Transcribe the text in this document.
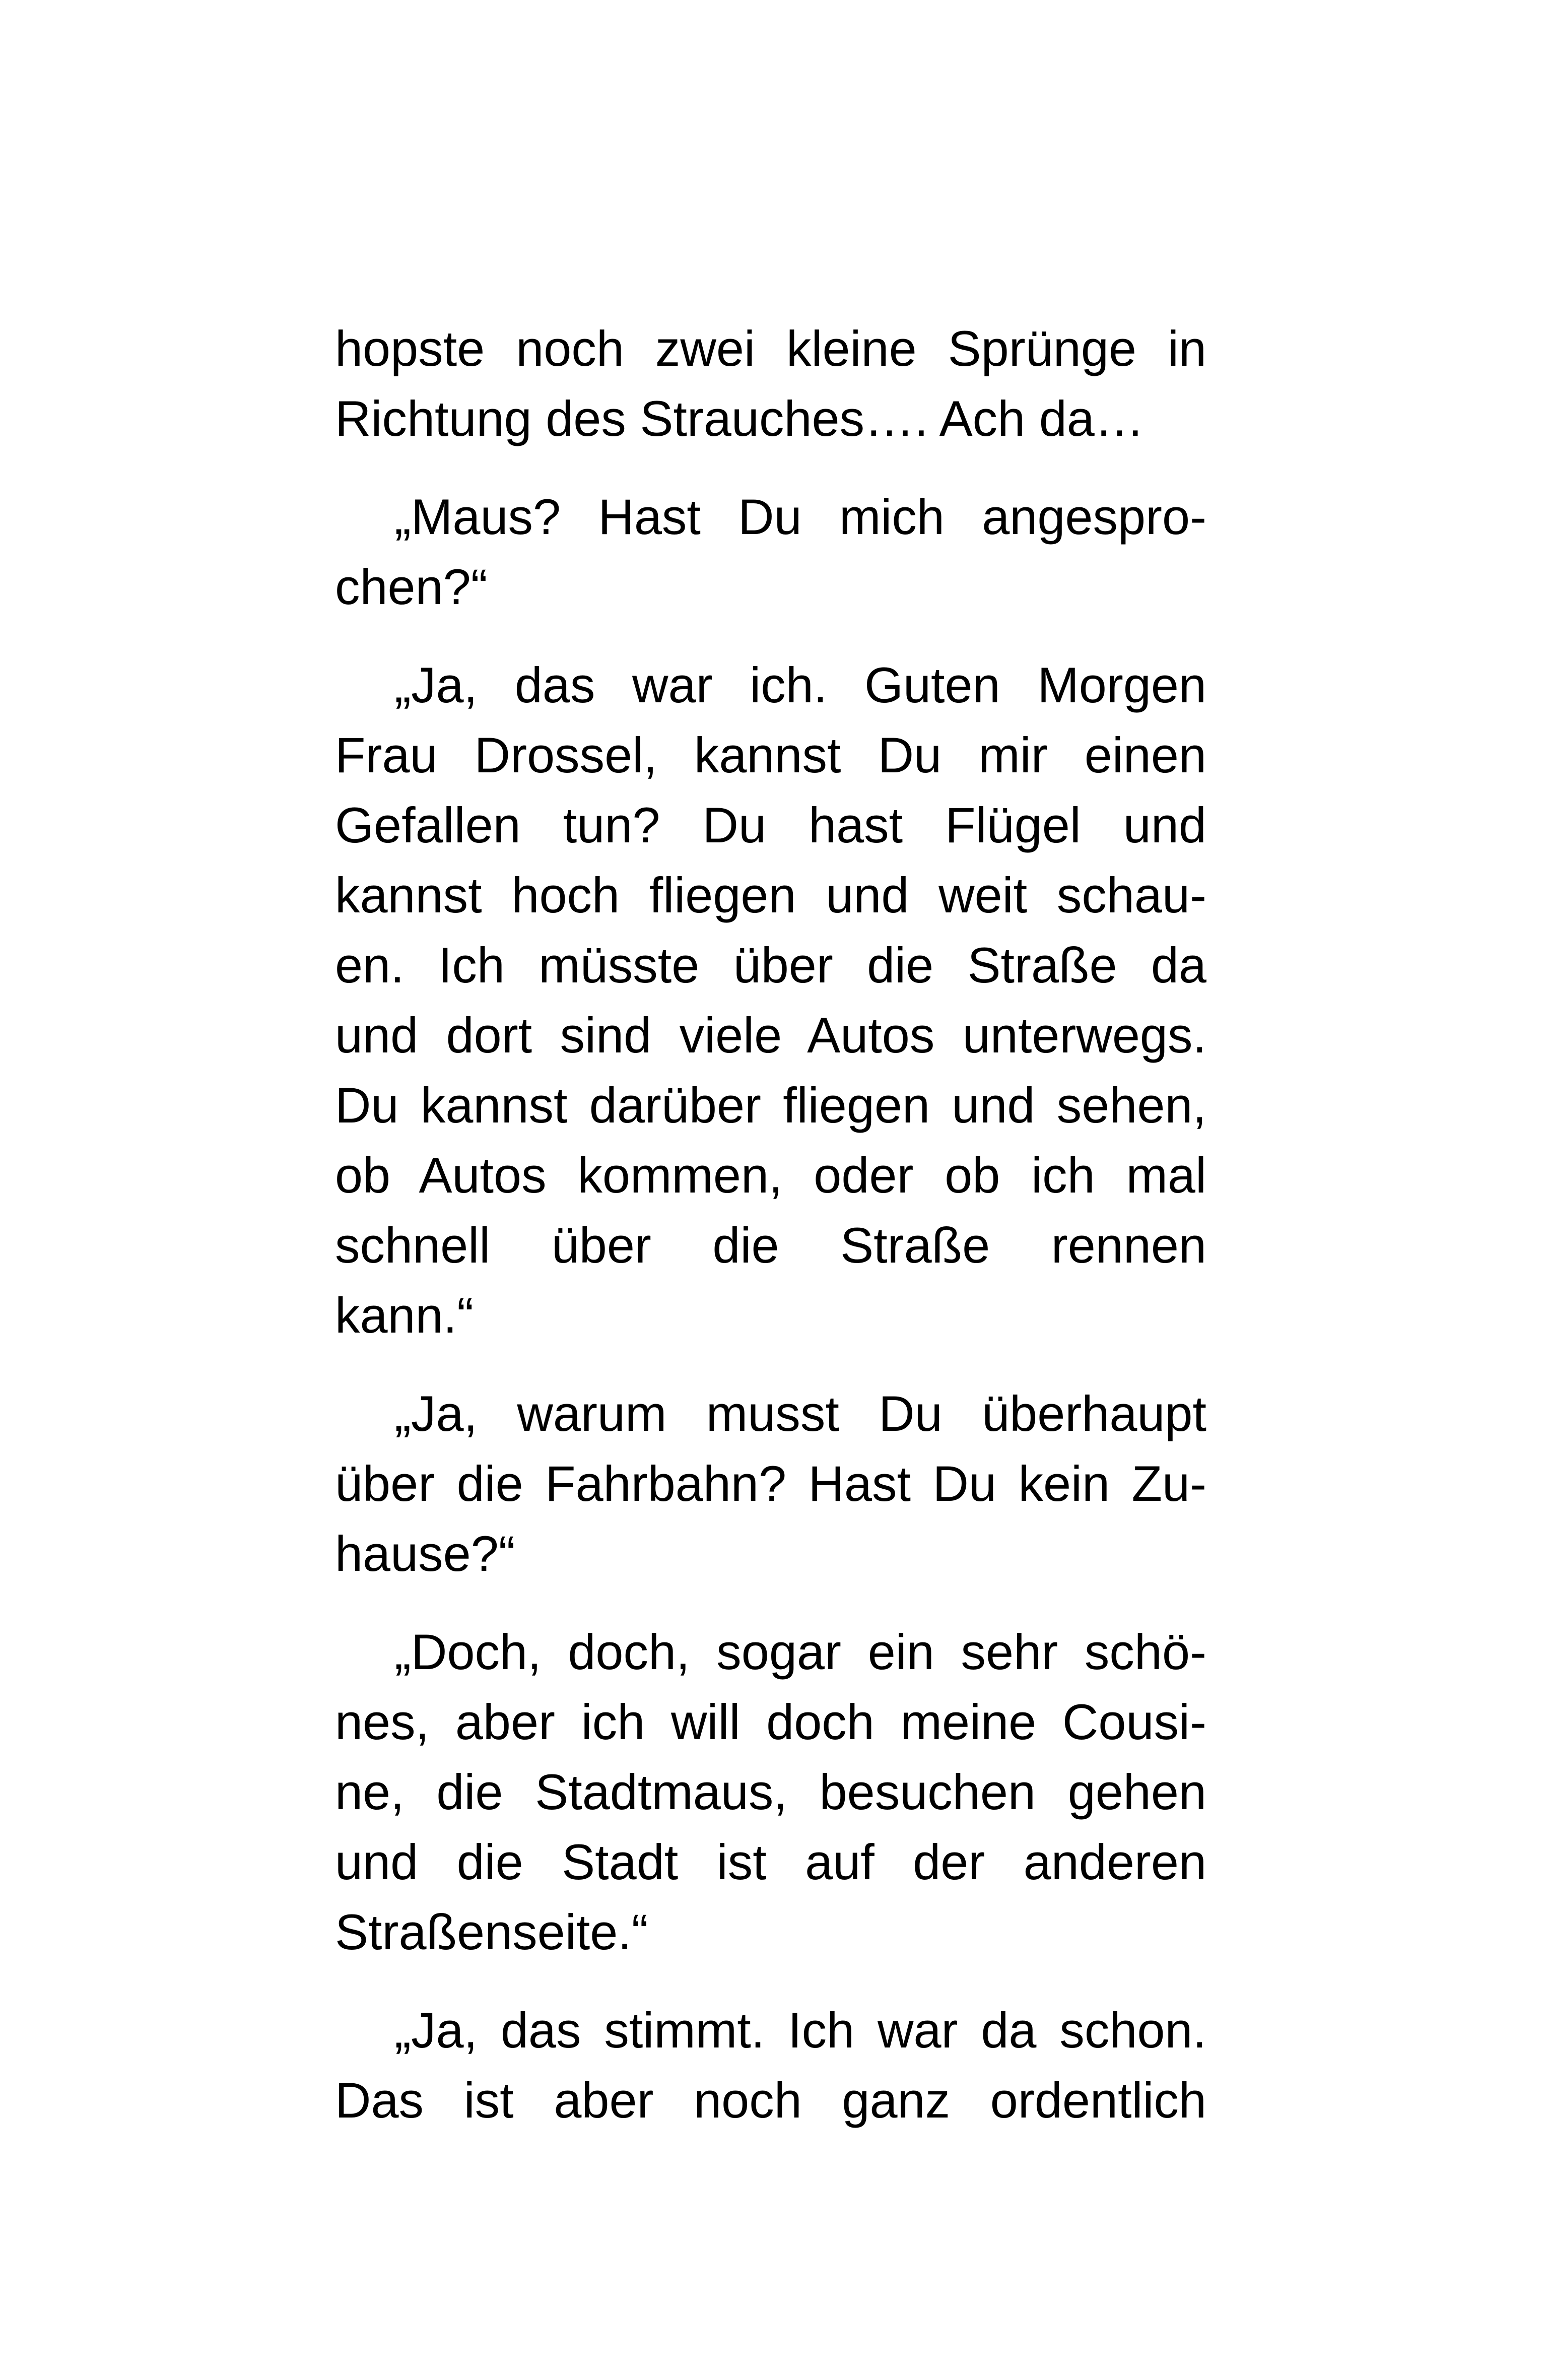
hopste noch zwei kleine Sprünge in
Richtung des Strauches…. Ach da…

„Maus? Hast Du mich angespro-
chen?“

„Ja, das war ich. Guten Morgen
Frau Drossel, kannst Du mir einen
Gefallen tun? Du hast Flügel und
kannst hoch fliegen und weit schau-
en. Ich müsste über die Straße da
und dort sind viele Autos unterwegs.
Du kannst darüber fliegen und sehen,
ob Autos kommen, oder ob ich mal
schnell über die Straße rennen
kann.“

„Ja, warum musst Du überhaupt
über die Fahrbahn? Hast Du kein Zu-
hause?“

„Doch, doch, sogar ein sehr schö-
nes, aber ich will doch meine Cousi-
ne, die Stadtmaus, besuchen gehen
und die Stadt ist auf der anderen
Straßenseite.“

„Ja, das stimmt. Ich war da schon.
Das ist aber noch ganz ordentlich
